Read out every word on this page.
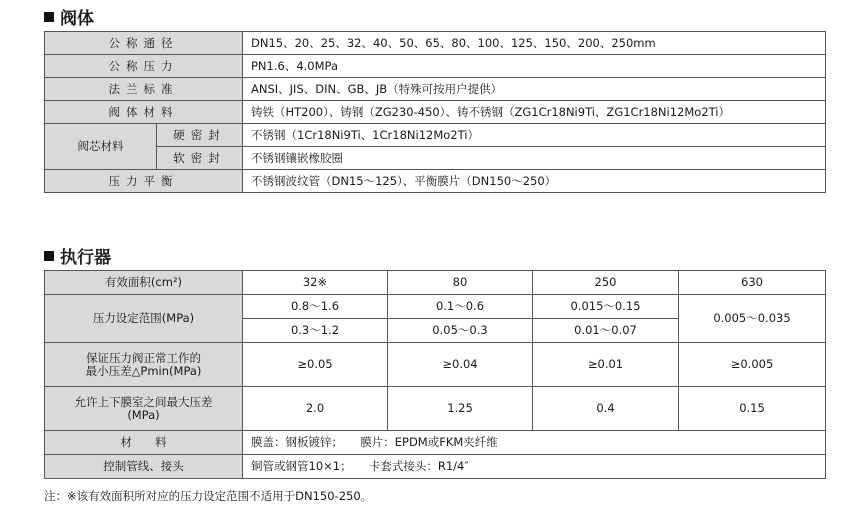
阀体
公称通径		DN15、20、25、32、40、50、65、80、100、125、150、200、250mm
公称压力		PN1.6、4.0MPa
法兰标准		ANSI、JIS、DIN、GB、JB（特殊可按用户提供）
阀体材料		铸铁（HT200）、铸钢（ZG230-450）、铸不锈钢（ZG1Cr18Ni9Ti、ZG1Cr18Ni12Mo2Ti）
阀芯材料	硬密封	不锈钢（1Cr18Ni9Ti、1Cr18Ni12Mo2Ti）
	软密封	不锈钢镶嵌橡胶圈
压力平衡		不锈钢波纹管（DN15～125）、平衡膜片（DN150～250）
执行器
有效面积(cm²)	32※	80	250	630
压力设定范围(MPa)	0.8～1.6	0.1～0.6	0.015～0.15	0.005～0.035
	0.3～1.2	0.05～0.3	0.01～0.07	

保证压力阀正常工作的
最小压差△Pmin(MPa)	≥0.05	≥0.04	≥0.01	≥0.005

允许上下膜室之间最大压差
(MPa)	2.0	1.25	0.4	0.15
材　　料	膜盖：钢板镀锌；　　膜片：EPDM或FKM夹纤维			
控制管线、接头	铜管或钢管10×1；　　卡套式接头：R1/4″			
注：※该有效面积所对应的压力设定范围不适用于DN150-250。
